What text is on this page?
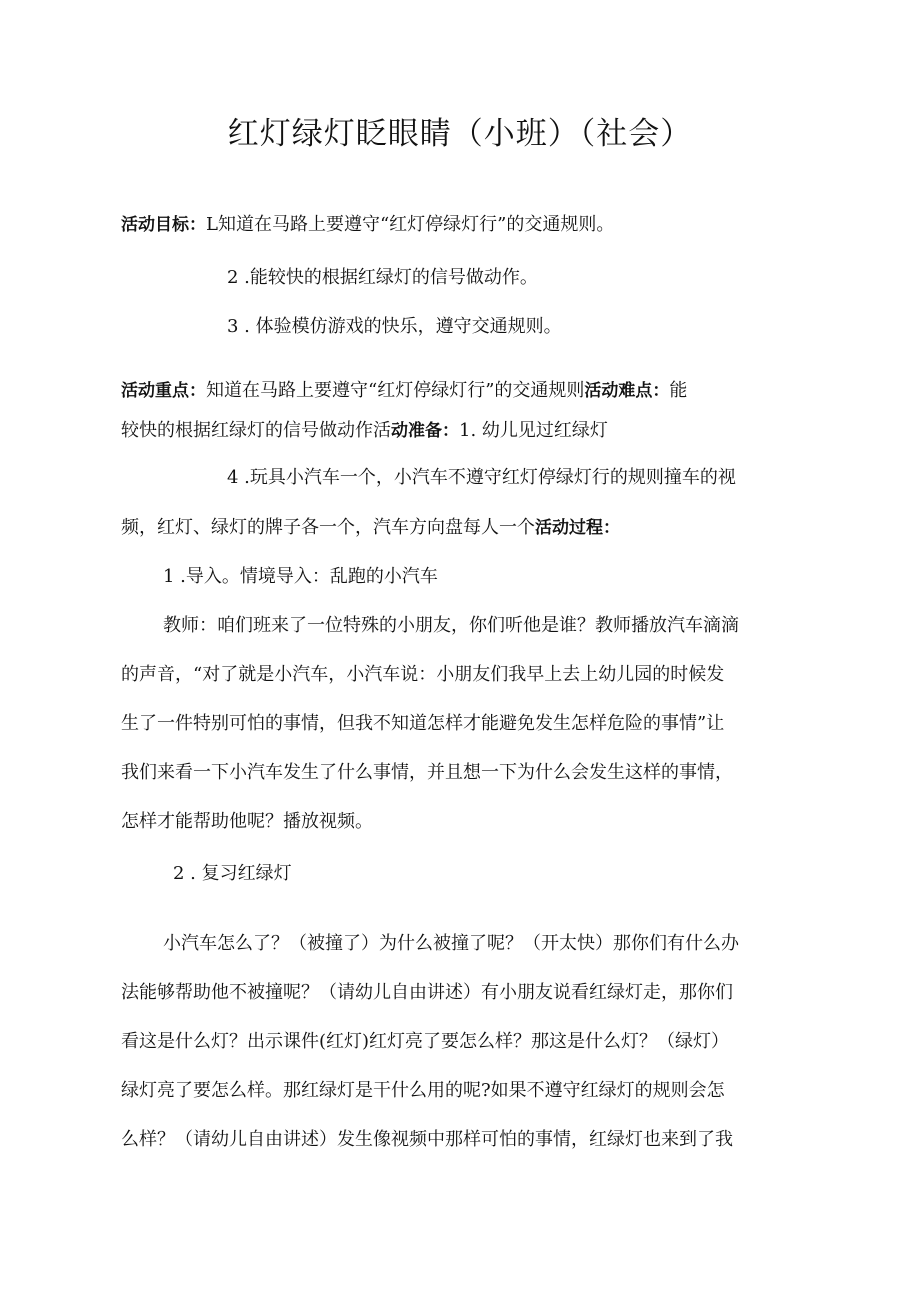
红灯绿灯眨眼睛（小班）（社会）
活动目标：L知道在马路上要遵守“红灯停绿灯行”的交通规则。
2 .能较快的根据红绿灯的信号做动作。
3 . 体验模仿游戏的快乐，遵守交通规则。
活动重点：知道在马路上要遵守“红灯停绿灯行”的交通规则活动难点：能
较快的根据红绿灯的信号做动作活动准备：1. 幼儿见过红绿灯
4 .玩具小汽车一个，小汽车不遵守红灯停绿灯行的规则撞车的视
频，红灯、绿灯的牌子各一个，汽车方向盘每人一个活动过程：
1 .导入。情境导入：乱跑的小汽车
教师：咱们班来了一位特殊的小朋友，你们听他是谁？教师播放汽车滴滴
的声音，“对了就是小汽车，小汽车说：小朋友们我早上去上幼儿园的时候发
生了一件特别可怕的事情，但我不知道怎样才能避免发生怎样危险的事情”让
我们来看一下小汽车发生了什么事情，并且想一下为什么会发生这样的事情，
怎样才能帮助他呢？播放视频。
2 . 复习红绿灯
小汽车怎么了？（被撞了）为什么被撞了呢？（开太快）那你们有什么办
法能够帮助他不被撞呢？（请幼儿自由讲述）有小朋友说看红绿灯走，那你们
看这是什么灯？出示课件(红灯)红灯亮了要怎么样？那这是什么灯？（绿灯）
绿灯亮了要怎么样。那红绿灯是干什么用的呢?如果不遵守红绿灯的规则会怎
么样？（请幼儿自由讲述）发生像视频中那样可怕的事情，红绿灯也来到了我
